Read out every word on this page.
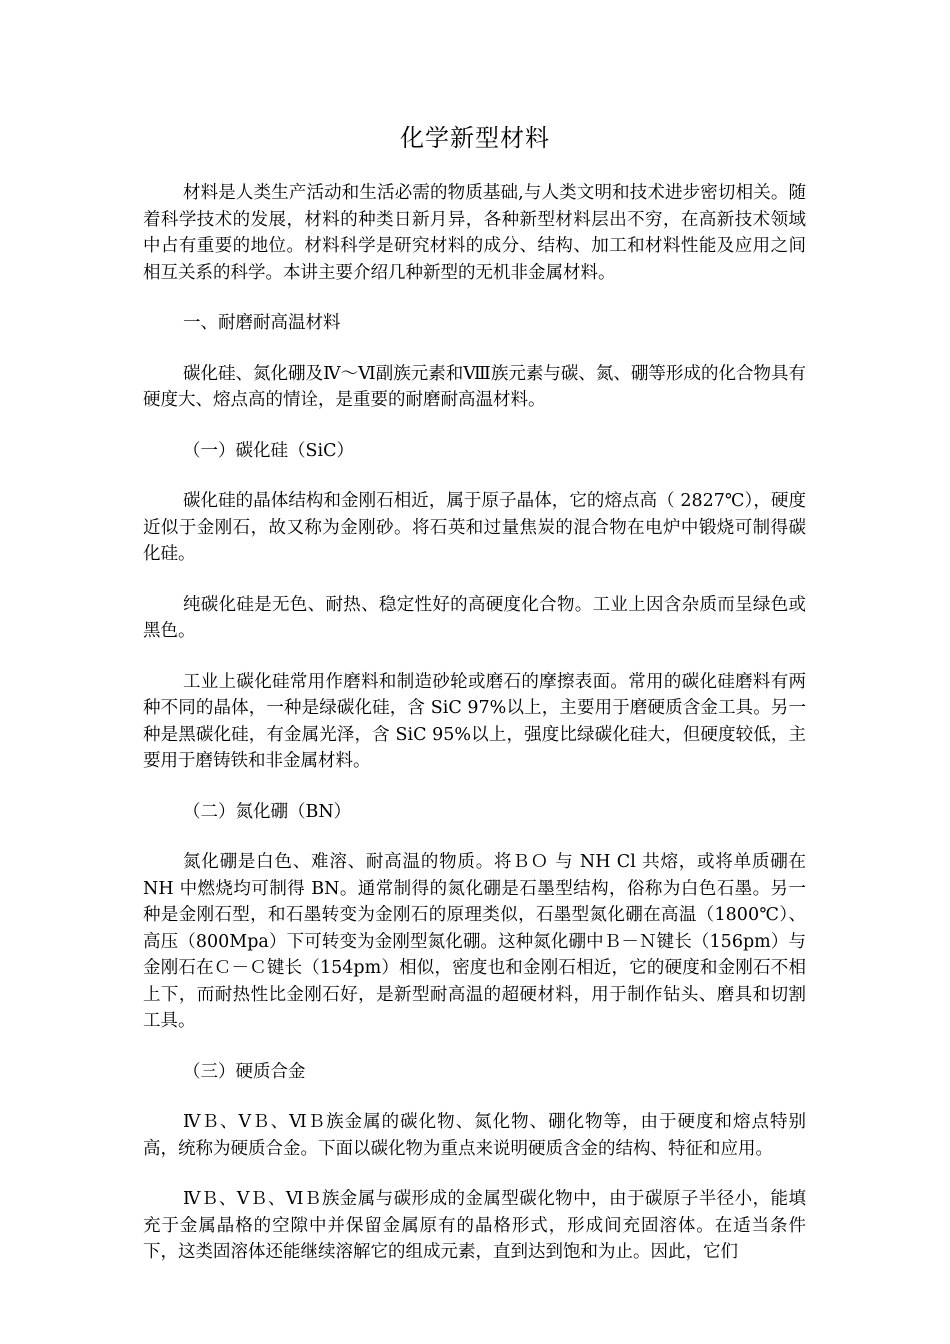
化学新型材料

材料是人类生产活动和生活必需的物质基础,与人类文明和技术进步密切相关。随着科学技术的发展，材料的种类日新月异，各种新型材料层出不穷，在高新技术领域中占有重要的地位。材料科学是研究材料的成分、结构、加工和材料性能及应用之间相互关系的科学。本讲主要介绍几种新型的无机非金属材料。

一、耐磨耐高温材料

碳化硅、氮化硼及Ⅳ～Ⅵ副族元素和Ⅷ族元素与碳、氮、硼等形成的化合物具有硬度大、熔点高的情诠，是重要的耐磨耐高温材料。

（一）碳化硅（SiC）

碳化硅的晶体结构和金刚石相近，属于原子晶体，它的熔点高（ 2827℃），硬度近似于金刚石，故又称为金刚砂。将石英和过量焦炭的混合物在电炉中锻烧可制得碳化硅。

纯碳化硅是无色、耐热、稳定性好的高硬度化合物。工业上因含杂质而呈绿色或黑色。

工业上碳化硅常用作磨料和制造砂轮或磨石的摩擦表面。常用的碳化硅磨料有两种不同的晶体，一种是绿碳化硅，含 SiC 97%以上，主要用于磨硬质含金工具。另一种是黑碳化硅，有金属光泽，含 SiC 95%以上，强度比绿碳化硅大，但硬度较低，主要用于磨铸铁和非金属材料。

（二）氮化硼（BN）

氮化硼是白色、难溶、耐高温的物质。将ＢＯ 与 NH Cl 共熔，或将单质硼在NH 中燃烧均可制得 BN。通常制得的氮化硼是石墨型结构，俗称为白色石墨。另一种是金刚石型，和石墨转变为金刚石的原理类似，石墨型氮化硼在高温（1800℃）、高压（800Mpa）下可转变为金刚型氮化硼。这种氮化硼中Ｂ－Ｎ键长（156pm）与金刚石在Ｃ－Ｃ键长（154pm）相似，密度也和金刚石相近，它的硬度和金刚石不相上下，而耐热性比金刚石好，是新型耐高温的超硬材料，用于制作钻头、磨具和切割工具。

（三）硬质合金

ⅣＢ、ⅤＢ、ⅥＢ族金属的碳化物、氮化物、硼化物等，由于硬度和熔点特别高，统称为硬质合金。下面以碳化物为重点来说明硬质含金的结构、特征和应用。

ⅣＢ、ⅤＢ、ⅥＢ族金属与碳形成的金属型碳化物中，由于碳原子半径小，能填充于金属晶格的空隙中并保留金属原有的晶格形式，形成间充固溶体。在适当条件下，这类固溶体还能继续溶解它的组成元素，直到达到饱和为止。因此，它们
